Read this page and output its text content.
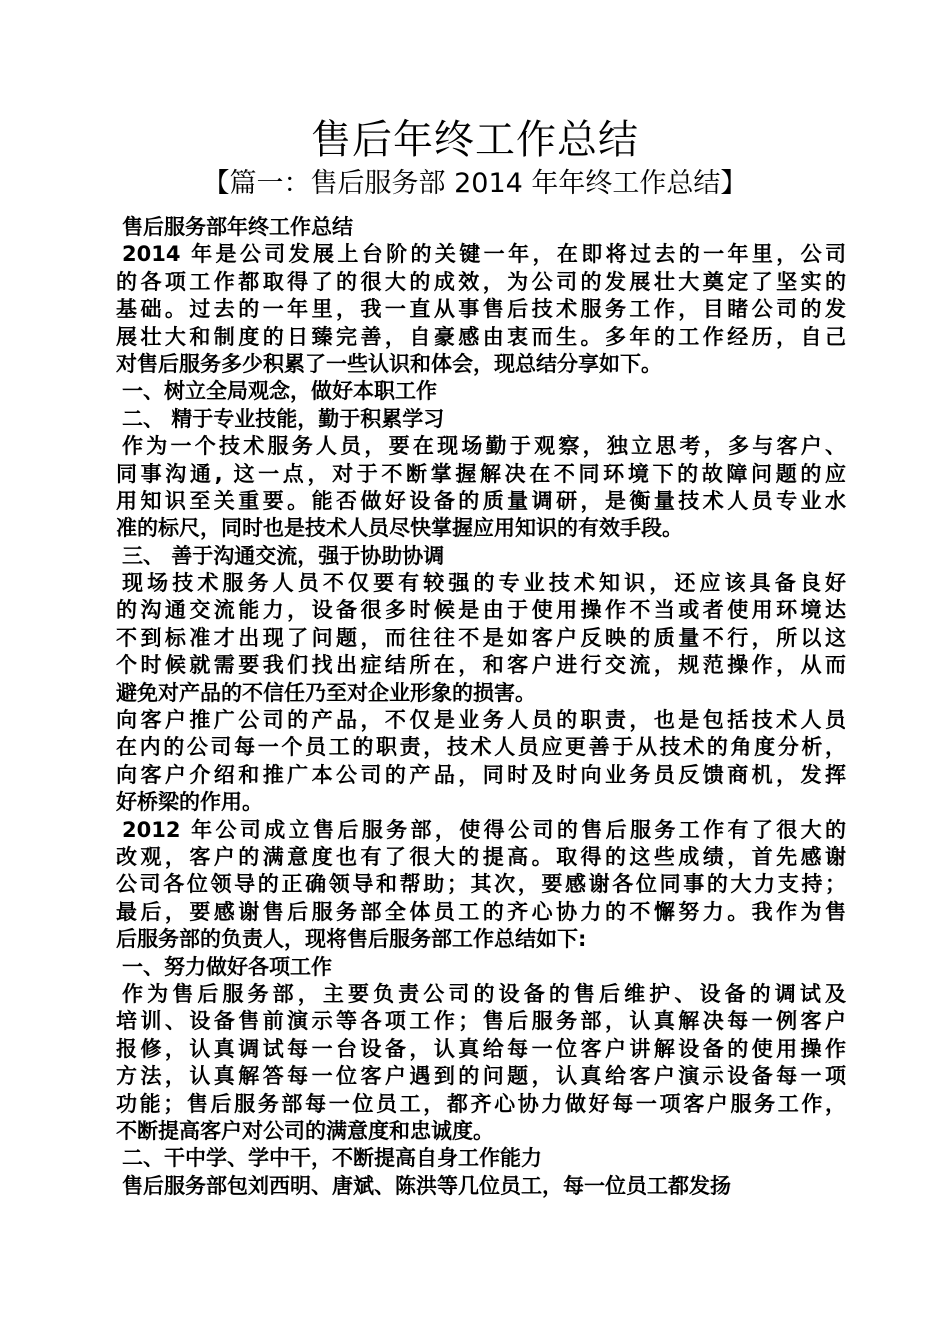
售后年终工作总结
【篇一：售后服务部 2014 年年终工作总结】
售后服务部年终工作总结
2014 年是公司发展上台阶的关键一年，在即将过去的一年里，公司
的各项工作都取得了的很大的成效，为公司的发展壮大奠定了坚实的
基础。过去的一年里，我一直从事售后技术服务工作，目睹公司的发
展壮大和制度的日臻完善，自豪感由衷而生。多年的工作经历，自己
对售后服务多少积累了一些认识和体会，现总结分享如下。
一、树立全局观念，做好本职工作
二、 精于专业技能，勤于积累学习
作为一个技术服务人员，要在现场勤于观察，独立思考，多与客户、
同事沟通, 这一点，对于不断掌握解决在不同环境下的故障问题的应
用知识至关重要。能否做好设备的质量调研，是衡量技术人员专业水
准的标尺，同时也是技术人员尽快掌握应用知识的有效手段。
三、 善于沟通交流，强于协助协调
现场技术服务人员不仅要有较强的专业技术知识，还应该具备良好
的沟通交流能力，设备很多时候是由于使用操作不当或者使用环境达
不到标准才出现了问题，而往往不是如客户反映的质量不行，所以这
个时候就需要我们找出症结所在，和客户进行交流，规范操作，从而
避免对产品的不信任乃至对企业形象的损害。
向客户推广公司的产品，不仅是业务人员的职责，也是包括技术人员
在内的公司每一个员工的职责，技术人员应更善于从技术的角度分析，
向客户介绍和推广本公司的产品，同时及时向业务员反馈商机，发挥
好桥梁的作用。
2012 年公司成立售后服务部，使得公司的售后服务工作有了很大的
改观，客户的满意度也有了很大的提高。取得的这些成绩，首先感谢
公司各位领导的正确领导和帮助；其次，要感谢各位同事的大力支持；
最后，要感谢售后服务部全体员工的齐心协力的不懈努力。我作为售
后服务部的负责人，现将售后服务部工作总结如下:
一、努力做好各项工作
作为售后服务部，主要负责公司的设备的售后维护、设备的调试及
培训、设备售前演示等各项工作；售后服务部，认真解决每一例客户
报修，认真调试每一台设备，认真给每一位客户讲解设备的使用操作
方法，认真解答每一位客户遇到的问题，认真给客户演示设备每一项
功能；售后服务部每一位员工，都齐心协力做好每一项客户服务工作，
不断提高客户对公司的满意度和忠诚度。
二、干中学、学中干，不断提高自身工作能力
售后服务部包刘西明、唐斌、陈洪等几位员工，每一位员工都发扬
